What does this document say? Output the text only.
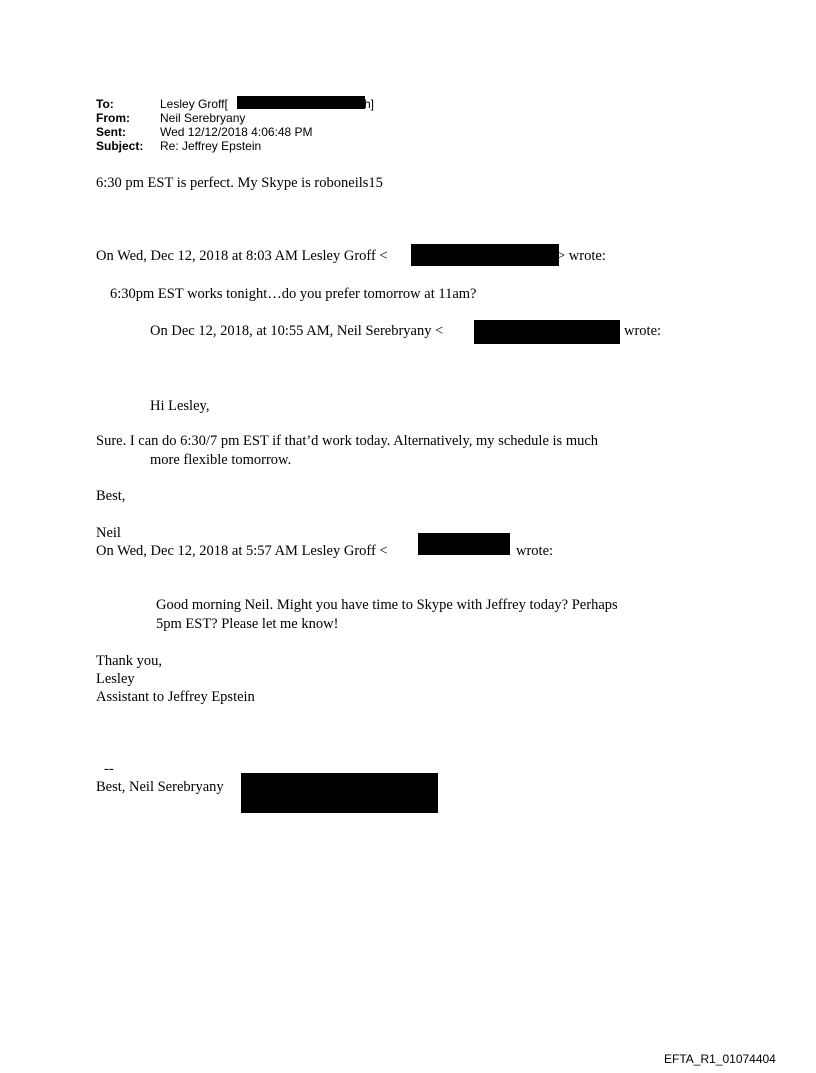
To:	Lesley Groff[	h]
From:	Neil Serebryany
Sent:	Wed 12/12/2018 4:06:48 PM
Subject: Re: Jeffrey Epstein
6:30 pm EST is perfect. My Skype is roboneils15
On Wed, Dec 12, 2018 at 8:03 AM Lesley Groff <	> wrote:
6:30pm EST works tonight…do you prefer tomorrow at 11am?
On Dec 12, 2018, at 10:55 AM, Neil Serebryany <	wrote:
Hi Lesley,
Sure. I can do 6:30/7 pm EST if that’d work today. Alternatively, my schedule is much
more flexible tomorrow.
Best,
Neil
On Wed, Dec 12, 2018 at 5:57 AM Lesley Groff <	wrote:
Good morning Neil. Might you have time to Skype with Jeffrey today? Perhaps
5pm EST? Please let me know!
Thank you,
Lesley
Assistant to Jeffrey Epstein
--
Best, Neil Serebryany
EFTA_R1_01074404
